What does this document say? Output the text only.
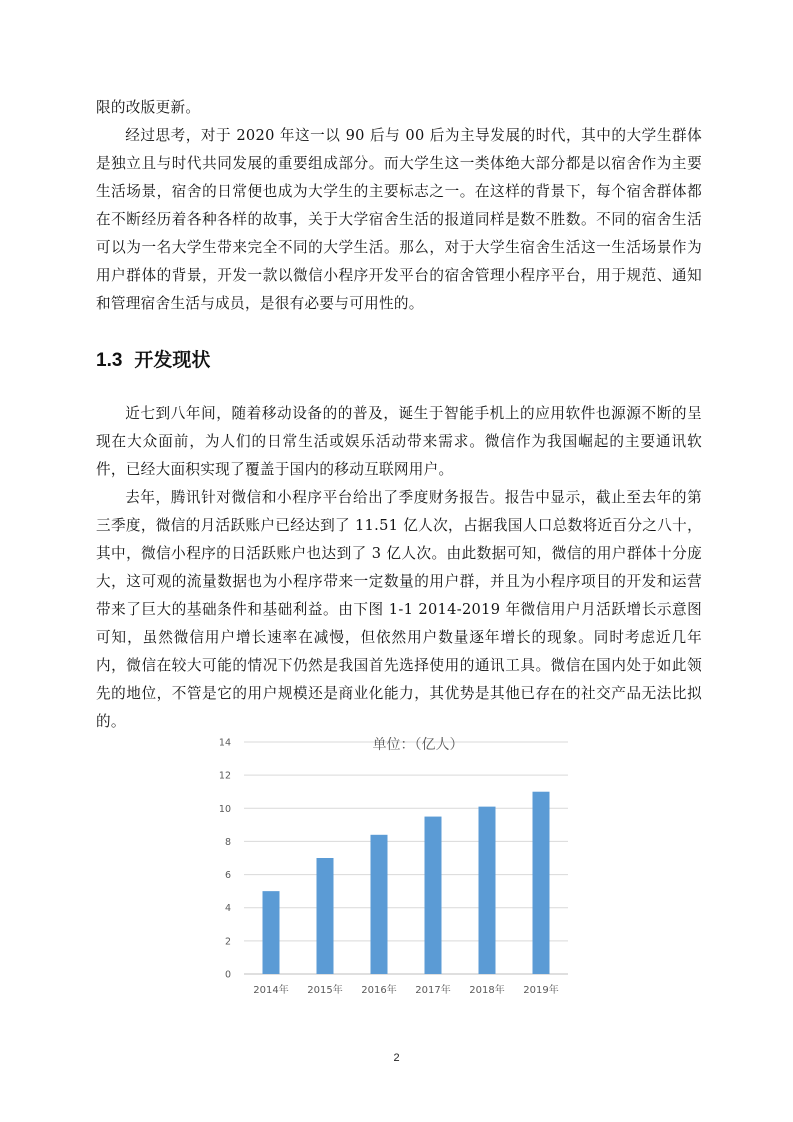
限的改版更新。

经过思考，对于 2020 年这一以 90 后与 00 后为主导发展的时代，其中的大学生群体是独立且与时代共同发展的重要组成部分。而大学生这一类体绝大部分都是以宿舍作为主要生活场景，宿舍的日常便也成为大学生的主要标志之一。在这样的背景下，每个宿舍群体都在不断经历着各种各样的故事，关于大学宿舍生活的报道同样是数不胜数。不同的宿舍生活可以为一名大学生带来完全不同的大学生活。那么，对于大学生宿舍生活这一生活场景作为用户群体的背景，开发一款以微信小程序开发平台的宿舍管理小程序平台，用于规范、通知和管理宿舍生活与成员，是很有必要与可用性的。

1.3 开发现状

近七到八年间，随着移动设备的的普及，诞生于智能手机上的应用软件也源源不断的呈现在大众面前，为人们的日常生活或娱乐活动带来需求。微信作为我国崛起的主要通讯软件，已经大面积实现了覆盖于国内的移动互联网用户。

去年，腾讯针对微信和小程序平台给出了季度财务报告。报告中显示，截止至去年的第三季度，微信的月活跃账户已经达到了 11.51 亿人次，占据我国人口总数将近百分之八十，其中，微信小程序的日活跃账户也达到了 3 亿人次。由此数据可知，微信的用户群体十分庞大，这可观的流量数据也为小程序带来一定数量的用户群，并且为小程序项目的开发和运营带来了巨大的基础条件和基础利益。由下图 1-1 2014-2019 年微信用户月活跃增长示意图可知，虽然微信用户增长速率在减慢，但依然用户数量逐年增长的现象。同时考虑近几年内，微信在较大可能的情况下仍然是我国首先选择使用的通讯工具。微信在国内处于如此领先的地位，不管是它的用户规模还是商业化能力，其优势是其他已存在的社交产品无法比拟的。

0
2
4
6
8
10
12
14
2014年 2015年 2016年 2017年 2018年 2019年
单位：（亿人）
2
